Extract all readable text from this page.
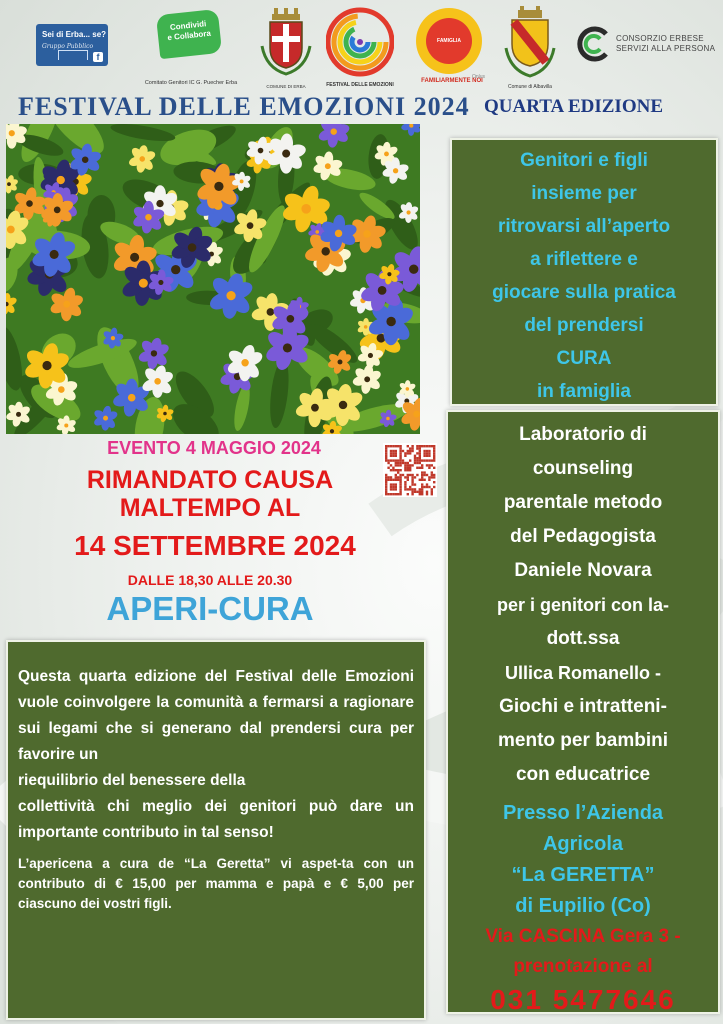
Sei di Erba... se?
Gruppo Pubblico
f
Condividi
e Collabora
Comitato Genitori IC G. Puecher Erba
COMUNE DI ERBA	FESTIVAL DELLE EMOZIONI
FAMIGLIA
FAMILIARMENTE NOI
Onlus
Comune di Albavilla
CONSORZIO ERBESE
SERVIZI ALLA PERSONA
FESTIVAL DELLE EMOZIONI 2024 QUARTA EDIZIONE
Genitori e figli
insieme per
ritrovarsi all’aperto
a riflettere e
giocare sulla pratica
del prendersi
CURA
in famiglia
EVENTO 4 MAGGIO 2024
RIMANDATO CAUSA
MALTEMPO AL
14 SETTEMBRE 2024
DALLE 18,30 ALLE 20.30
APERI-CURA
Laboratorio di
counseling
parentale metodo
del Pedagogista
Daniele Novara
per i genitori con la-
dott.ssa
Ullica Romanello -
Giochi e intratteni-
mento per bambini
con educatrice
Presso l’Azienda
Agricola
“La GERETTA”
di Eupilio (Co)
Via CASCINA Gera 3 -
prenotazione al
031 5477646
Questa quarta edizione del Festival delle Emozioni vuole coinvolgere la comunità a fermarsi a ragionare sui legami che si generano dal prendersi cura per favorire un
riequilibrio del benessere della
collettività chi meglio dei genitori può dare un importante contributo in tal senso!
L’apericena a cura de “La Geretta” vi aspet-ta con un contributo di € 15,00 per mamma e papà e € 5,00 per ciascuno dei vostri figli.
